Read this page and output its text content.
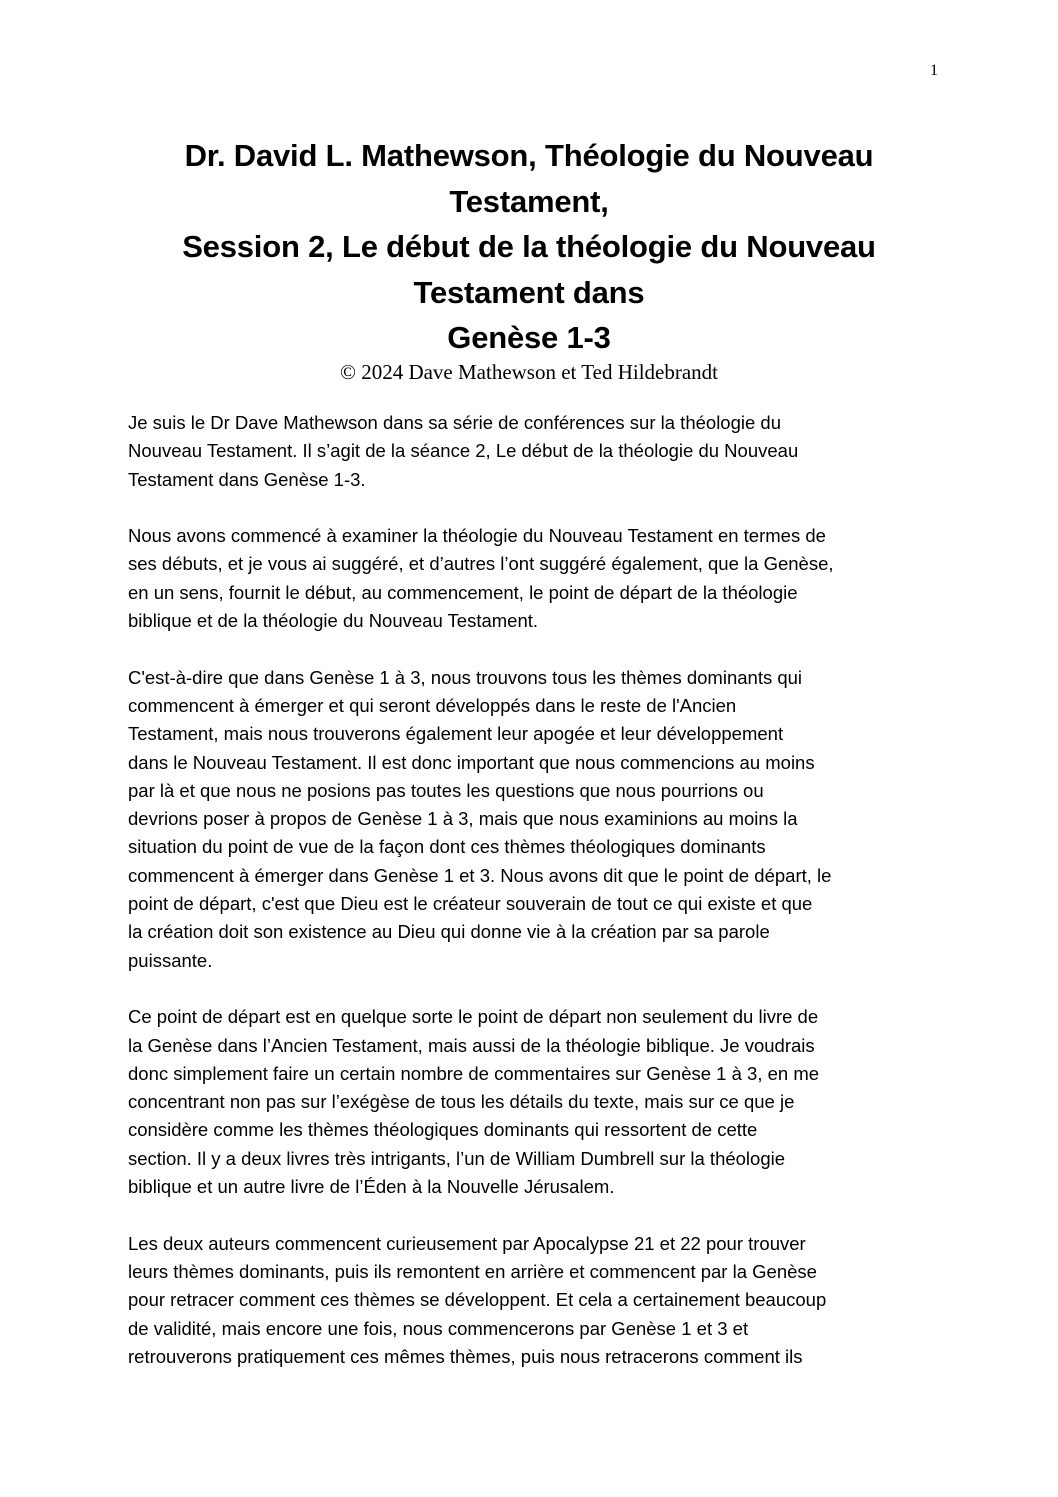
1
Dr. David L. Mathewson, Théologie du Nouveau
Testament,
Session 2, Le début de la théologie du Nouveau
Testament dans
Genèse 1-3
© 2024 Dave Mathewson et Ted Hildebrandt

Je suis le Dr Dave Mathewson dans sa série de conférences sur la théologie du
Nouveau Testament. Il s’agit de la séance 2, Le début de la théologie du Nouveau
Testament dans Genèse 1-3.

Nous avons commencé à examiner la théologie du Nouveau Testament en termes de
ses débuts, et je vous ai suggéré, et d’autres l’ont suggéré également, que la Genèse,
en un sens, fournit le début, au commencement, le point de départ de la théologie
biblique et de la théologie du Nouveau Testament.

C'est-à-dire que dans Genèse 1 à 3, nous trouvons tous les thèmes dominants qui
commencent à émerger et qui seront développés dans le reste de l'Ancien
Testament, mais nous trouverons également leur apogée et leur développement
dans le Nouveau Testament. Il est donc important que nous commencions au moins
par là et que nous ne posions pas toutes les questions que nous pourrions ou
devrions poser à propos de Genèse 1 à 3, mais que nous examinions au moins la
situation du point de vue de la façon dont ces thèmes théologiques dominants
commencent à émerger dans Genèse 1 et 3. Nous avons dit que le point de départ, le
point de départ, c'est que Dieu est le créateur souverain de tout ce qui existe et que
la création doit son existence au Dieu qui donne vie à la création par sa parole
puissante.

Ce point de départ est en quelque sorte le point de départ non seulement du livre de
la Genèse dans l’Ancien Testament, mais aussi de la théologie biblique. Je voudrais
donc simplement faire un certain nombre de commentaires sur Genèse 1 à 3, en me
concentrant non pas sur l’exégèse de tous les détails du texte, mais sur ce que je
considère comme les thèmes théologiques dominants qui ressortent de cette
section. Il y a deux livres très intrigants, l’un de William Dumbrell sur la théologie
biblique et un autre livre de l’Éden à la Nouvelle Jérusalem.

Les deux auteurs commencent curieusement par Apocalypse 21 et 22 pour trouver
leurs thèmes dominants, puis ils remontent en arrière et commencent par la Genèse
pour retracer comment ces thèmes se développent. Et cela a certainement beaucoup
de validité, mais encore une fois, nous commencerons par Genèse 1 et 3 et
retrouverons pratiquement ces mêmes thèmes, puis nous retracerons comment ils
